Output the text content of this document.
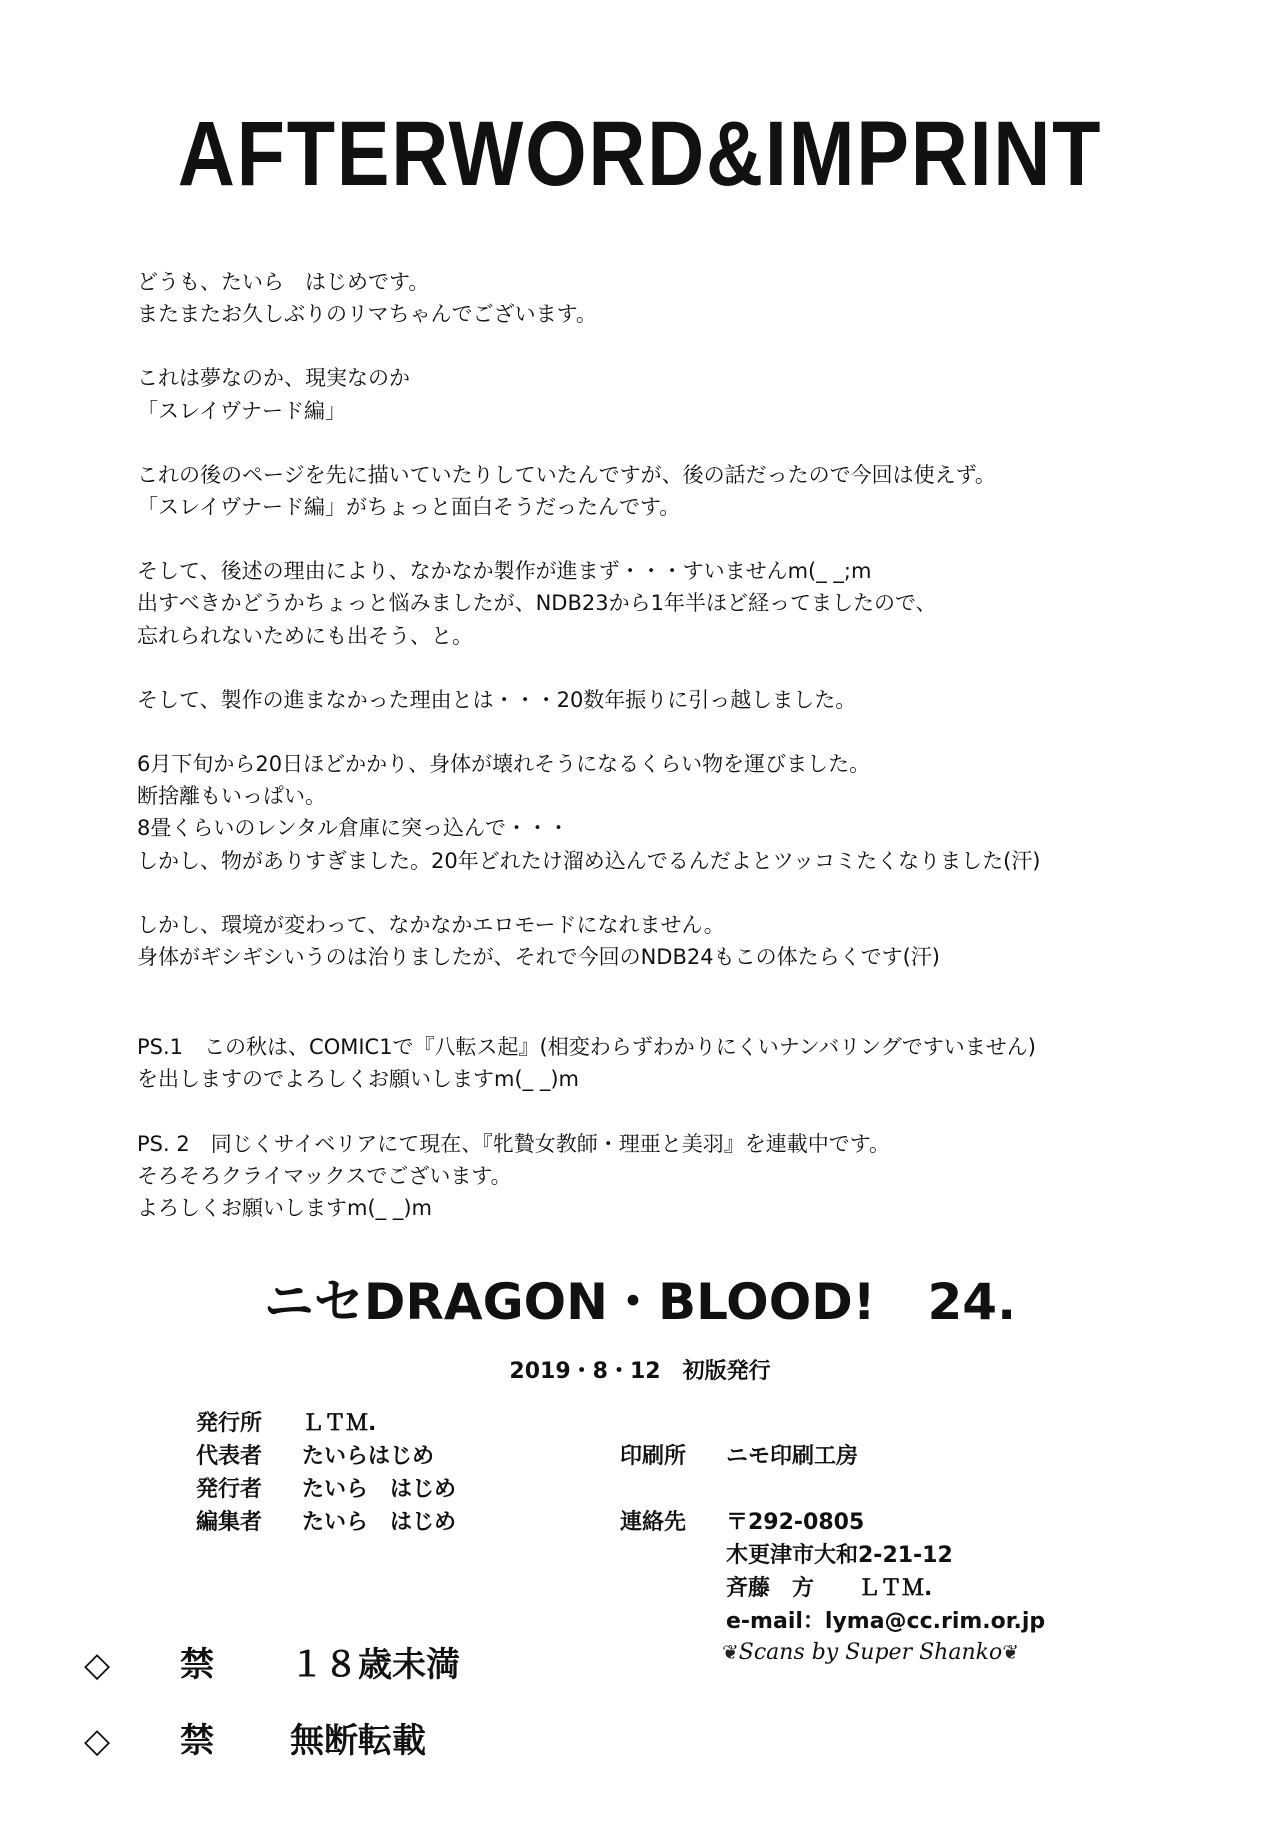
AFTERWORD&IMPRINT
どうも、たいら　はじめです。
またまたお久しぶりのリマちゃんでございます。
これは夢なのか、現実なのか
「スレイヴナード編」
これの後のページを先に描いていたりしていたんですが、後の話だったので今回は使えず。
「スレイヴナード編」がちょっと面白そうだったんです。
そして、後述の理由により、なかなか製作が進まず・・・すいませんm(_ _;m
出すべきかどうかちょっと悩みましたが、NDB23から1年半ほど経ってましたので、
忘れられないためにも出そう、と。
そして、製作の進まなかった理由とは・・・20数年振りに引っ越しました。
6月下旬から20日ほどかかり、身体が壊れそうになるくらい物を運びました。
断捨離もいっぱい。
8畳くらいのレンタル倉庫に突っ込んで・・・
しかし、物がありすぎました。20年どれたけ溜め込んでるんだよとツッコミたくなりました(汗)
しかし、環境が変わって、なかなかエロモードになれません。
身体がギシギシいうのは治りましたが、それで今回のNDB24もこの体たらくです(汗)
PS.1　この秋は、COMIC1で『八転ス起』(相変わらずわかりにくいナンバリングですいません)
を出しますのでよろしくお願いしますm(_ _)m
PS. 2　同じくサイベリアにて現在、『牝贄女教師・理亜と美羽』を連載中です。
そろそろクライマックスでございます。
よろしくお願いしますm(_ _)m
ニセDRAGON・BLOOD! 24.
2019・8・12　初版発行
発行所 ＬＴＭ.
代表者 たいらはじめ
発行者 たいら　はじめ
編集者 たいら　はじめ
印刷所 ニモ印刷工房
連絡先 〒292-0805
木更津市大和2-21-12
斉藤　方　　ＬＴＭ.
e-mail：lyma@cc.rim.or.jp
◇ 禁 １８歳未満
◇ 禁 無断転載
❦Scans by Super Shanko❦
